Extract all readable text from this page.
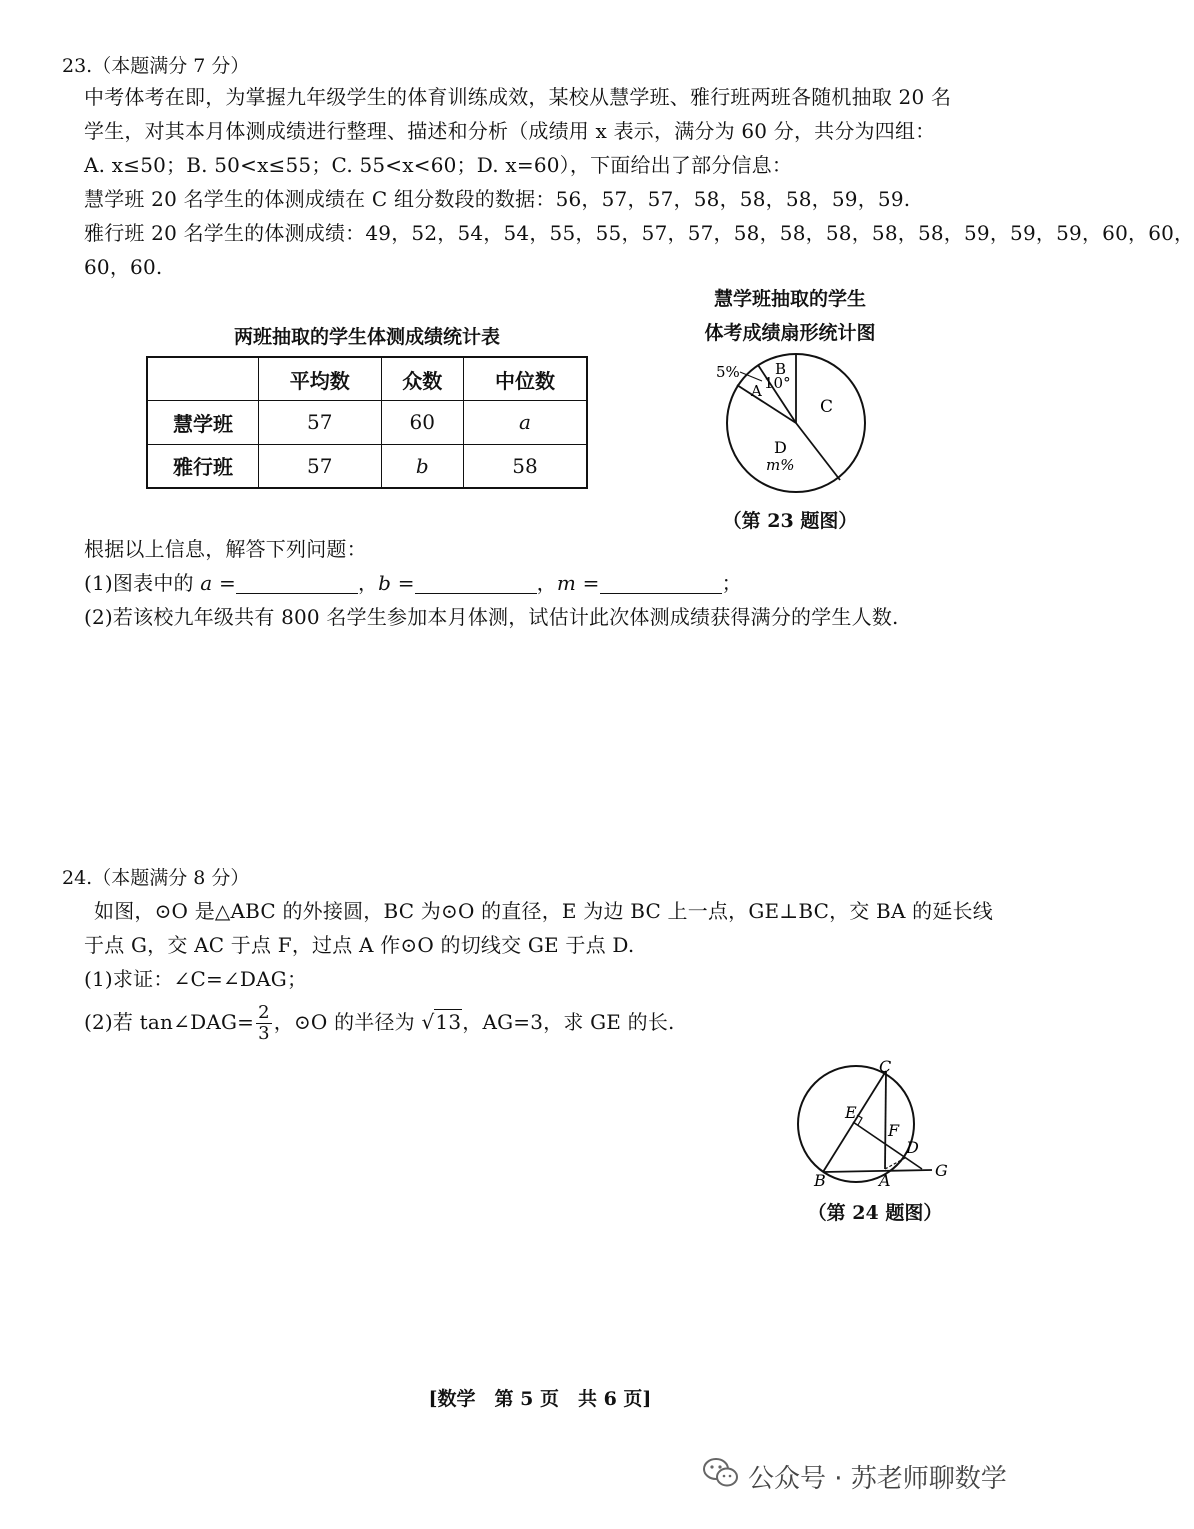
23.（本题满分 7 分）
中考体考在即，为掌握九年级学生的体育训练成效，某校从慧学班、雅行班两班各随机抽取 20 名
学生，对其本月体测成绩进行整理、描述和分析（成绩用 x 表示，满分为 60 分，共分为四组：
A. x≤50；B. 50<x≤55；C. 55<x<60；D. x=60），下面给出了部分信息：
慧学班 20 名学生的体测成绩在 C 组分数段的数据：56，57，57，58，58，58，59，59.
雅行班 20 名学生的体测成绩：49，52，54，54，55，55，57，57，58，58，58，58，58，59，59，59，60，60，
60，60.
慧学班抽取的学生
体考成绩扇形统计图
两班抽取的学生体测成绩统计表
	平均数	众数	中位数
慧学班	57	60	a
雅行班	57	b	58
5%
A
B
10°
C
D
m%
（第 23 题图）
根据以上信息，解答下列问题：
(1)图表中的 a =	，b =	，m =	；
(2)若该校九年级共有 800 名学生参加本月体测，试估计此次体测成绩获得满分的学生人数.
24.（本题满分 8 分）
如图，⊙O 是△ABC 的外接圆，BC 为⊙O 的直径，E 为边 BC 上一点，GE⊥BC，交 BA 的延长线
于点 G，交 AC 于点 F，过点 A 作⊙O 的切线交 GE 于点 D.
(1)求证：∠C=∠DAG；
(2)若 tan∠DAG= $\frac{2}{3}$ ，⊙O 的半径为 √13，AG=3，求 GE 的长.
C
E
F
D
B	A
G
（第 24 题图）
[数学　第 5 页　共 6 页]
公众号 · 苏老师聊数学
